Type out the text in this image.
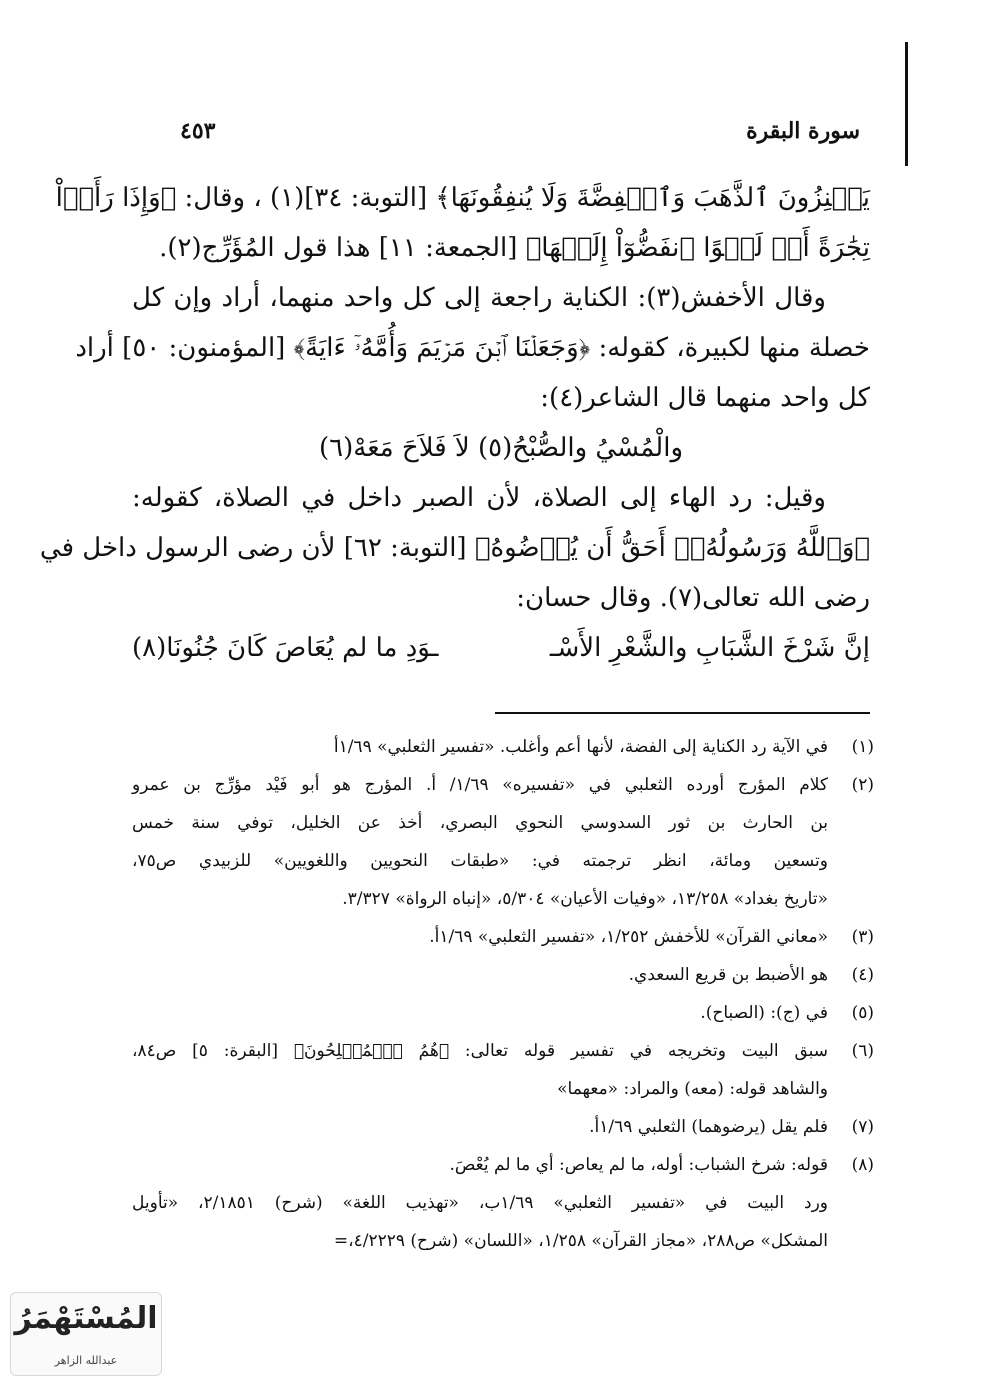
سورة البقرة
٤٥٣
يَكۡنِزُونَ ٱلذَّهَبَ وَٱلۡفِضَّةَ وَلَا يُنفِقُونَهَا﴾ [التوبة: ٣٤](١) ، وقال: ﴿وَإِذَا رَأَوۡاْ
تِجَٰرَةً أَوۡ لَهۡوًا ٱنفَضُّوٓاْ إِلَيۡهَا﴾ [الجمعة: ١١] هذا قول المُؤَرِّج(٢).
وقال الأخفش(٣): الكناية راجعة إلى كل واحد منهما، أراد وإن كل
خصلة منها لكبيرة، كقوله: ﴿وَجَعَلۡنَا ٱبۡنَ مَرۡيَمَ وَأُمَّهُۥٓ ءَايَةً﴾ [المؤمنون: ٥٠] أراد
كل واحد منهما قال الشاعر(٤):
والْمُسْيُ والصُّبْحُ(٥) لاَ فَلاَحَ مَعَهْ(٦)
وقيل: رد الهاء إلى الصلاة، لأن الصبر داخل في الصلاة، كقوله:
﴿وَٱللَّهُ وَرَسُولُهُۥٓ أَحَقُّ أَن يُرۡضُوهُ﴾ [التوبة: ٦٢] لأن رضى الرسول داخل في
رضى الله تعالى(٧). وقال حسان:
إنَّ شَرْخَ الشَّبَابِ والشَّعْرِ الأَسْـ
ـوَدِ ما لم يُعَاصَ كَانَ جُنُونَا(٨)
(١)
في الآية رد الكناية إلى الفضة، لأنها أعم وأغلب. «تفسير الثعلبي» ١/٦٩أ
(٢)
كلام المؤرج أورده الثعلبي في «تفسيره» ١/٦٩/ أ. المؤرج هو أبو فَيْد مؤرِّج بن عمرو
بن الحارث بن ثور السدوسي النحوي البصري، أخذ عن الخليل، توفي سنة خمس
وتسعين ومائة، انظر ترجمته في: «طبقات النحويين واللغويين» للزبيدي ص٧٥،
«تاريخ بغداد» ١٣/٢٥٨، «وفيات الأعيان» ٥/٣٠٤، «إنباه الرواة» ٣/٣٢٧.
(٣)
«معاني القرآن» للأخفش ١/٢٥٢، «تفسير الثعلبي» ١/٦٩أ.
(٤)
هو الأضبط بن قريع السعدي.
(٥)
في (ج): (الصباح).
(٦)
سبق البيت وتخريجه في تفسير قوله تعالى: ﴿هُمُ ٱلۡمُفۡلِحُونَ﴾ [البقرة: ٥] ص٨٤،
والشاهد قوله: (معه) والمراد: «معهما»
(٧)
فلم يقل (يرضوهما) الثعلبي ١/٦٩أ.
(٨)
قوله: شرخ الشباب: أوله، ما لم يعاص: أي ما لم يُعْصَ.
ورد البيت في «تفسير الثعلبي» ١/٦٩ب، «تهذيب اللغة» (شرح) ٢/١٨٥١، «تأويل
المشكل» ص٢٨٨، «مجاز القرآن» ١/٢٥٨، «اللسان» (شرح) ٤/٢٢٢٩،=
المُسْتَهْمَرُ
عبدالله الزاهر
